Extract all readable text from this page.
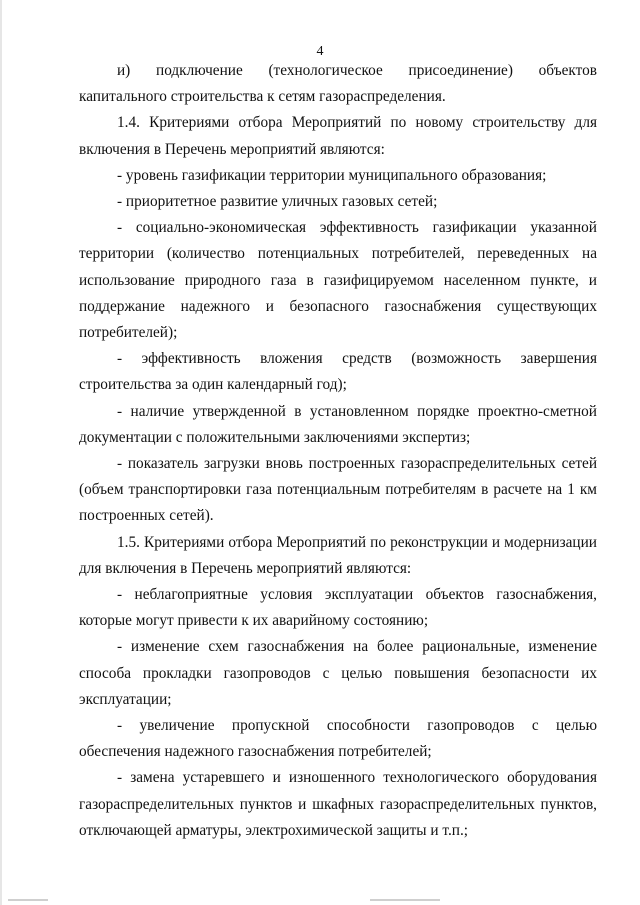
4

и) подключение (технологическое присоединение) объектов капитального строительства к сетям газораспределения.

1.4. Критериями отбора Мероприятий по новому строительству для включения в Перечень мероприятий являются:

- уровень газификации территории муниципального образования;

- приоритетное развитие уличных газовых сетей;

- социально-экономическая эффективность газификации указанной территории (количество потенциальных потребителей, переведенных на использование природного газа в газифицируемом населенном пункте, и поддержание надежного и безопасного газоснабжения существующих потребителей);

- эффективность вложения средств (возможность завершения строительства за один календарный год);

- наличие утвержденной в установленном порядке проектно-сметной документации с положительными заключениями экспертиз;

- показатель загрузки вновь построенных газораспределительных сетей (объем транспортировки газа потенциальным потребителям в расчете на 1 км построенных сетей).

1.5. Критериями отбора Мероприятий по реконструкции и модернизации для включения в Перечень мероприятий являются:

- неблагоприятные условия эксплуатации объектов газоснабжения, которые могут привести к их аварийному состоянию;

- изменение схем газоснабжения на более рациональные, изменение способа прокладки газопроводов с целью повышения безопасности их эксплуатации;

- увеличение пропускной способности газопроводов с целью обеспечения надежного газоснабжения потребителей;

- замена устаревшего и изношенного технологического оборудования газораспределительных пунктов и шкафных газораспределительных пунктов, отключающей арматуры, электрохимической защиты и т.п.;
